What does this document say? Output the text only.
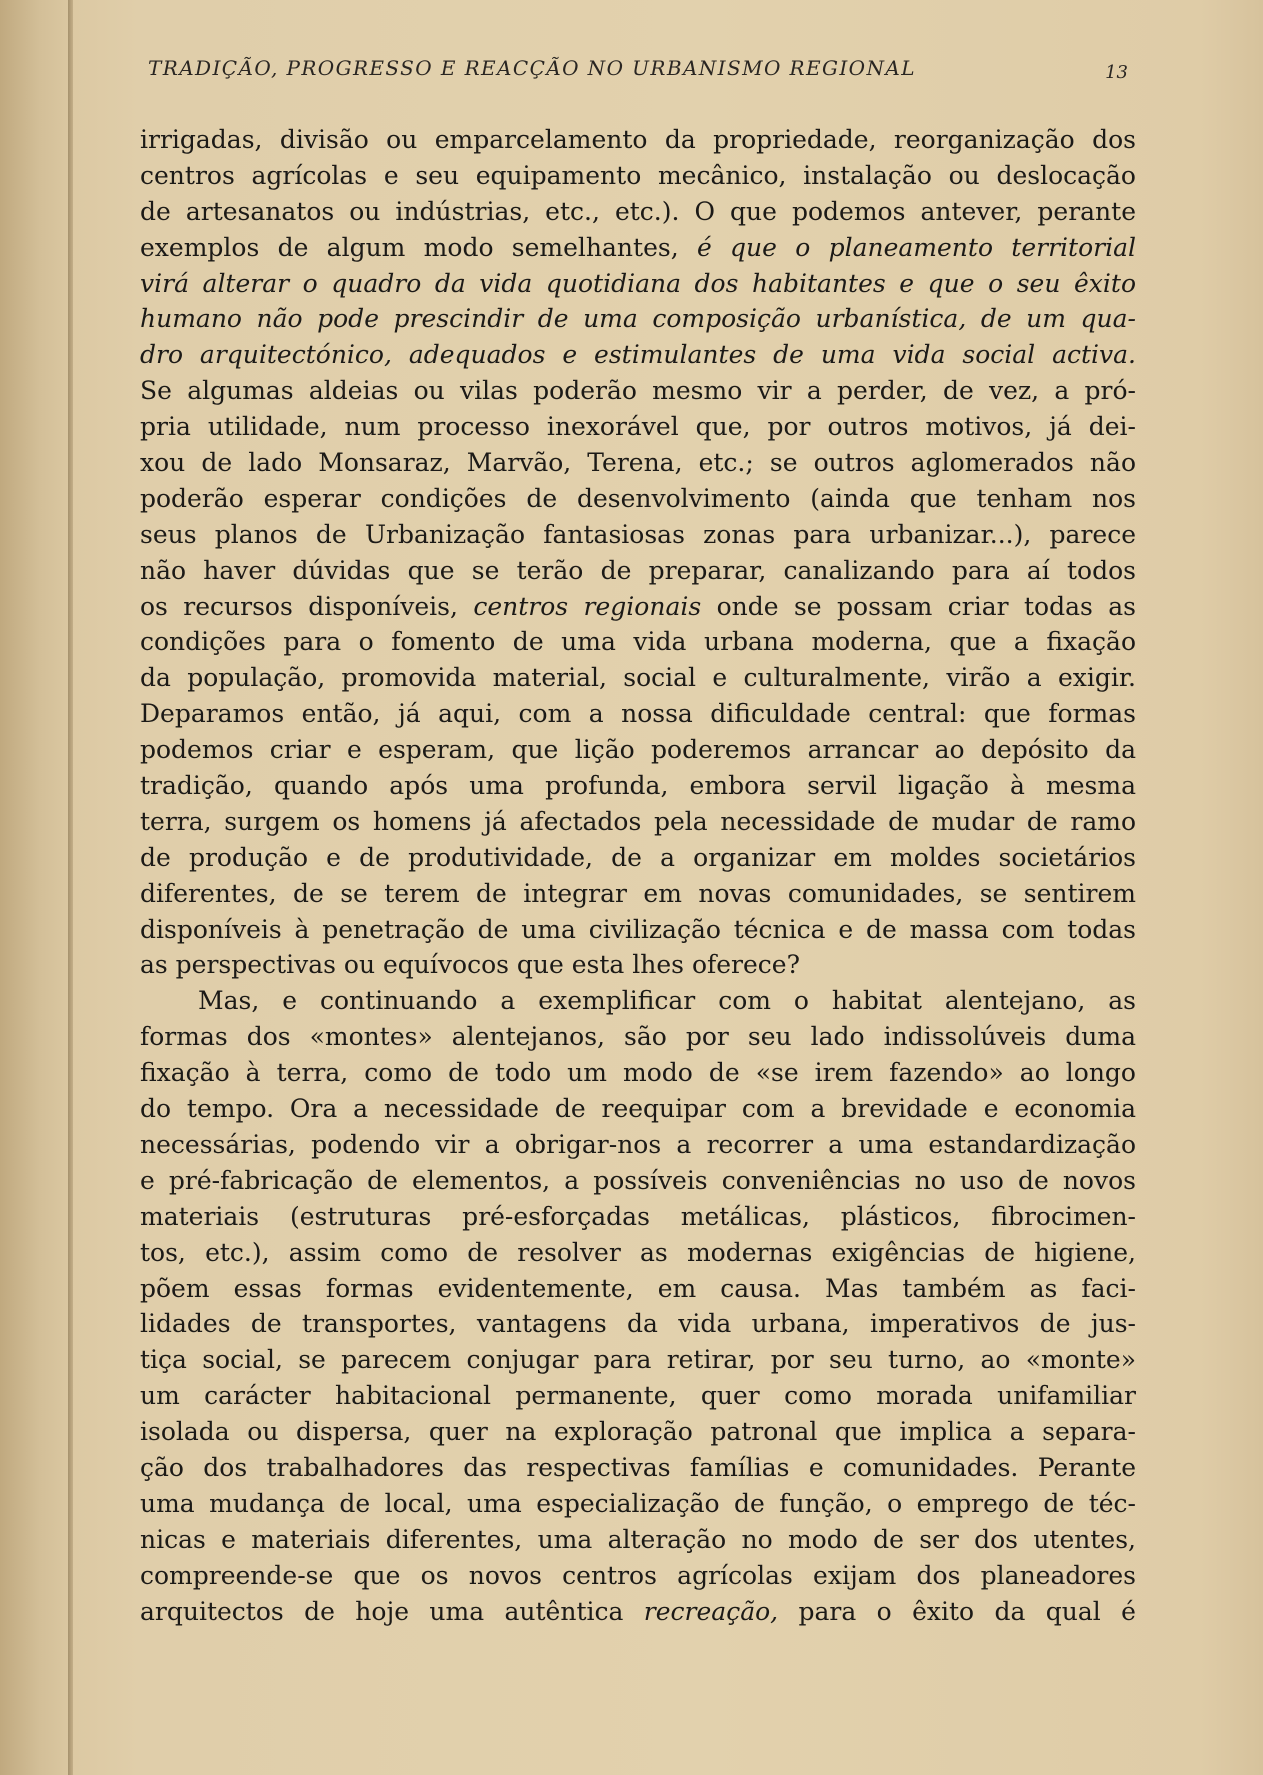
TRADIÇÃO, PROGRESSO E REACÇÃO NO URBANISMO REGIONAL	13
irrigadas, divisão ou emparcelamento da propriedade, reorganização dos
centros agrícolas e seu equipamento mecânico, instalação ou deslocação
de artesanatos ou indústrias, etc., etc.). O que podemos antever, perante
exemplos de algum modo semelhantes, é que o planeamento territorial
virá alterar o quadro da vida quotidiana dos habitantes e que o seu êxito
humano não pode prescindir de uma composição urbanística, de um qua-
dro arquitectónico, adequados e estimulantes de uma vida social activa.
Se algumas aldeias ou vilas poderão mesmo vir a perder, de vez, a pró-
pria utilidade, num processo inexorável que, por outros motivos, já dei-
xou de lado Monsaraz, Marvão, Terena, etc.; se outros aglomerados não
poderão esperar condições de desenvolvimento (ainda que tenham nos
seus planos de Urbanização fantasiosas zonas para urbanizar...), parece
não haver dúvidas que se terão de preparar, canalizando para aí todos
os recursos disponíveis, centros regionais onde se possam criar todas as
condições para o fomento de uma vida urbana moderna, que a fixação
da população, promovida material, social e culturalmente, virão a exigir.
Deparamos então, já aqui, com a nossa dificuldade central: que formas
podemos criar e esperam, que lição poderemos arrancar ao depósito da
tradição, quando após uma profunda, embora servil ligação à mesma
terra, surgem os homens já afectados pela necessidade de mudar de ramo
de produção e de produtividade, de a organizar em moldes societários
diferentes, de se terem de integrar em novas comunidades, se sentirem
disponíveis à penetração de uma civilização técnica e de massa com todas
as perspectivas ou equívocos que esta lhes oferece?
Mas, e continuando a exemplificar com o habitat alentejano, as
formas dos «montes» alentejanos, são por seu lado indissolúveis duma
fixação à terra, como de todo um modo de «se irem fazendo» ao longo
do tempo. Ora a necessidade de reequipar com a brevidade e economia
necessárias, podendo vir a obrigar-nos a recorrer a uma estandardização
e pré-fabricação de elementos, a possíveis conveniências no uso de novos
materiais (estruturas pré-esforçadas metálicas, plásticos, fibrocimen-
tos, etc.), assim como de resolver as modernas exigências de higiene,
põem essas formas evidentemente, em causa. Mas também as faci-
lidades de transportes, vantagens da vida urbana, imperativos de jus-
tiça social, se parecem conjugar para retirar, por seu turno, ao «monte»
um carácter habitacional permanente, quer como morada unifamiliar
isolada ou dispersa, quer na exploração patronal que implica a separa-
ção dos trabalhadores das respectivas famílias e comunidades. Perante
uma mudança de local, uma especialização de função, o emprego de téc-
nicas e materiais diferentes, uma alteração no modo de ser dos utentes,
compreende-se que os novos centros agrícolas exijam dos planeadores
arquitectos de hoje uma autêntica recreação, para o êxito da qual é
